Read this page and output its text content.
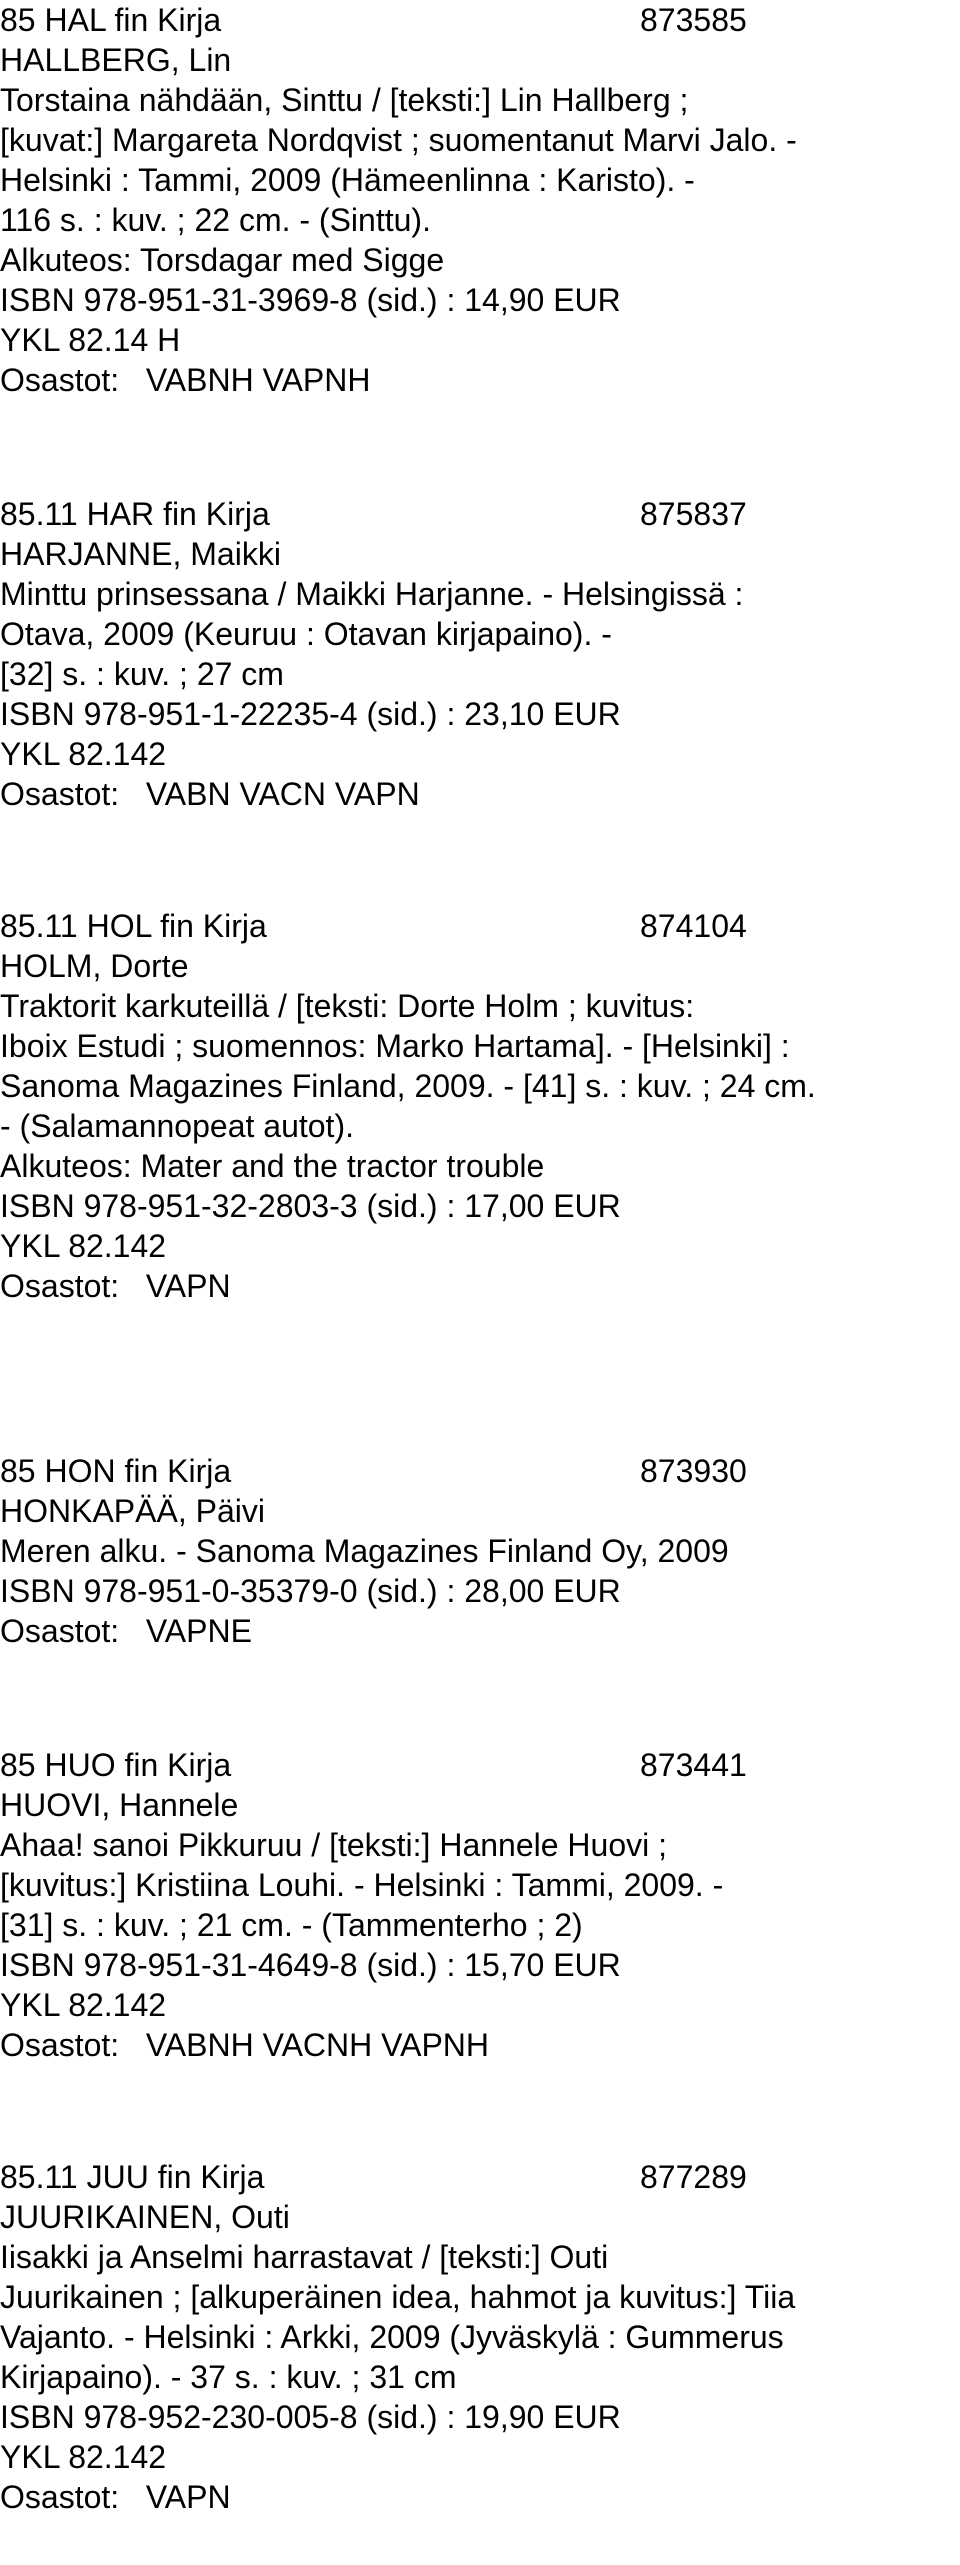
85 HAL fin Kirja	873585
HALLBERG, Lin
Torstaina nähdään, Sinttu / [teksti:] Lin Hallberg ;
[kuvat:] Margareta Nordqvist ; suomentanut Marvi Jalo. -
Helsinki : Tammi, 2009 (Hämeenlinna : Karisto). -
116 s. : kuv. ; 22 cm. - (Sinttu).
Alkuteos: Torsdagar med Sigge
ISBN 978-951-31-3969-8 (sid.) : 14,90 EUR
YKL 82.14 H
Osastot:   VABNH VAPNH
85.11 HAR fin Kirja	875837
HARJANNE, Maikki
Minttu prinsessana / Maikki Harjanne. - Helsingissä :
Otava, 2009 (Keuruu : Otavan kirjapaino). -
[32] s. : kuv. ; 27 cm
ISBN 978-951-1-22235-4 (sid.) : 23,10 EUR
YKL 82.142
Osastot:   VABN VACN VAPN
85.11 HOL fin Kirja	874104
HOLM, Dorte
Traktorit karkuteillä / [teksti: Dorte Holm ; kuvitus:
Iboix Estudi ; suomennos: Marko Hartama]. - [Helsinki] :
Sanoma Magazines Finland, 2009. - [41] s. : kuv. ; 24 cm.
- (Salamannopeat autot).
Alkuteos: Mater and the tractor trouble
ISBN 978-951-32-2803-3 (sid.) : 17,00 EUR
YKL 82.142
Osastot:   VAPN
85 HON fin Kirja	873930
HONKAPÄÄ, Päivi
Meren alku. - Sanoma Magazines Finland Oy, 2009
ISBN 978-951-0-35379-0 (sid.) : 28,00 EUR
Osastot:   VAPNE
85 HUO fin Kirja	873441
HUOVI, Hannele
Ahaa! sanoi Pikkuruu / [teksti:] Hannele Huovi ;
[kuvitus:] Kristiina Louhi. - Helsinki : Tammi, 2009. -
[31] s. : kuv. ; 21 cm. - (Tammenterho ; 2)
ISBN 978-951-31-4649-8 (sid.) : 15,70 EUR
YKL 82.142
Osastot:   VABNH VACNH VAPNH
85.11 JUU fin Kirja	877289
JUURIKAINEN, Outi
Iisakki ja Anselmi harrastavat / [teksti:] Outi
Juurikainen ; [alkuperäinen idea, hahmot ja kuvitus:] Tiia
Vajanto. - Helsinki : Arkki, 2009 (Jyväskylä : Gummerus
Kirjapaino). - 37 s. : kuv. ; 31 cm
ISBN 978-952-230-005-8 (sid.) : 19,90 EUR
YKL 82.142
Osastot:   VAPN
